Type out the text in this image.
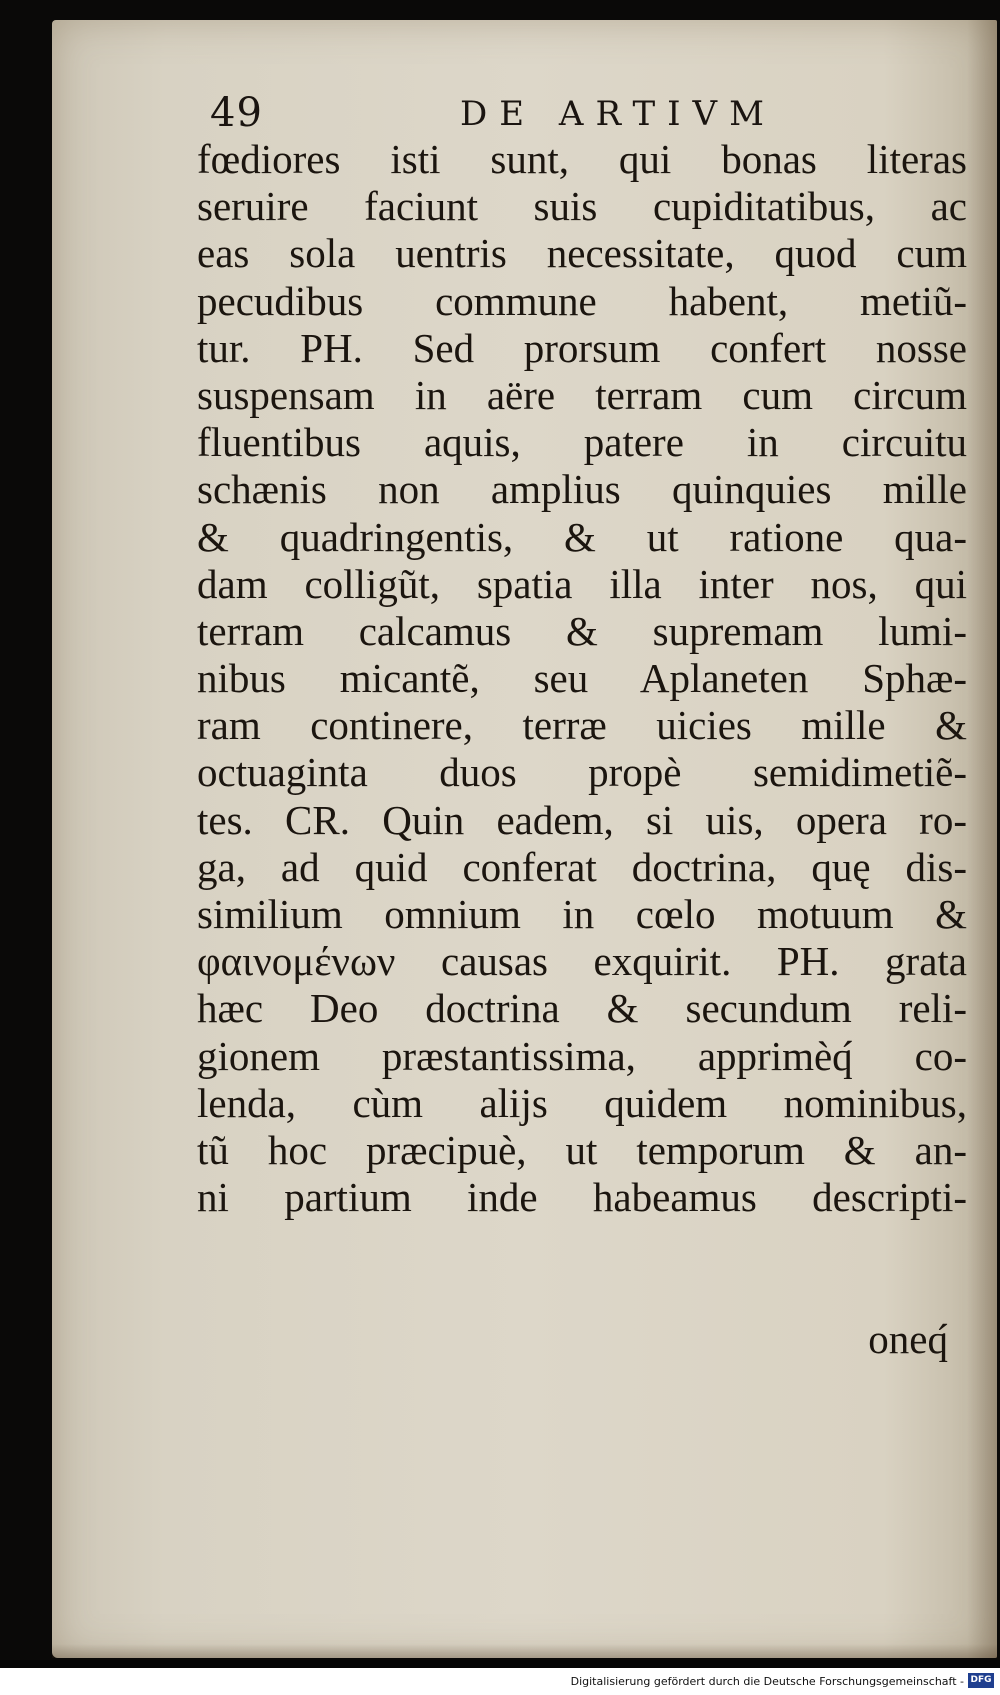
49	DE ARTIVM
fœdiores isti sunt, qui bonas literas
seruire faciunt suis cupiditatibus, ac
eas sola uentris necessitate, quod cum
pecudibus commune habent, metiũ-
tur. PH. Sed prorsum confert nosse
suspensam in aëre terram cum circum
fluentibus aquis, patere in circuitu
schænis non amplius quinquies mille
& quadringentis, & ut ratione qua-
dam colligũt, spatia illa inter nos, qui
terram calcamus & supremam lumi-
nibus micantẽ, seu Aplaneten Sphæ-
ram continere, terræ uicies mille &
octuaginta duos propè semidimetiẽ-
tes. CR. Quin eadem, si uis, opera ro-
ga, ad quid conferat doctrina, quę dis-
similium omnium in cœlo motuum &
φαινομένων causas exquirit. PH. grata
hæc Deo doctrina & secundum reli-
gionem præstantissima, apprimèq́ co-
lenda, cùm aliјs quidem nominibus,
tũ hoc præcipuè, ut temporum & an-
ni partium inde habeamus descripti-
oneq́
Digitalisierung gefördert durch die Deutsche Forschungsgemeinschaft - DFG
